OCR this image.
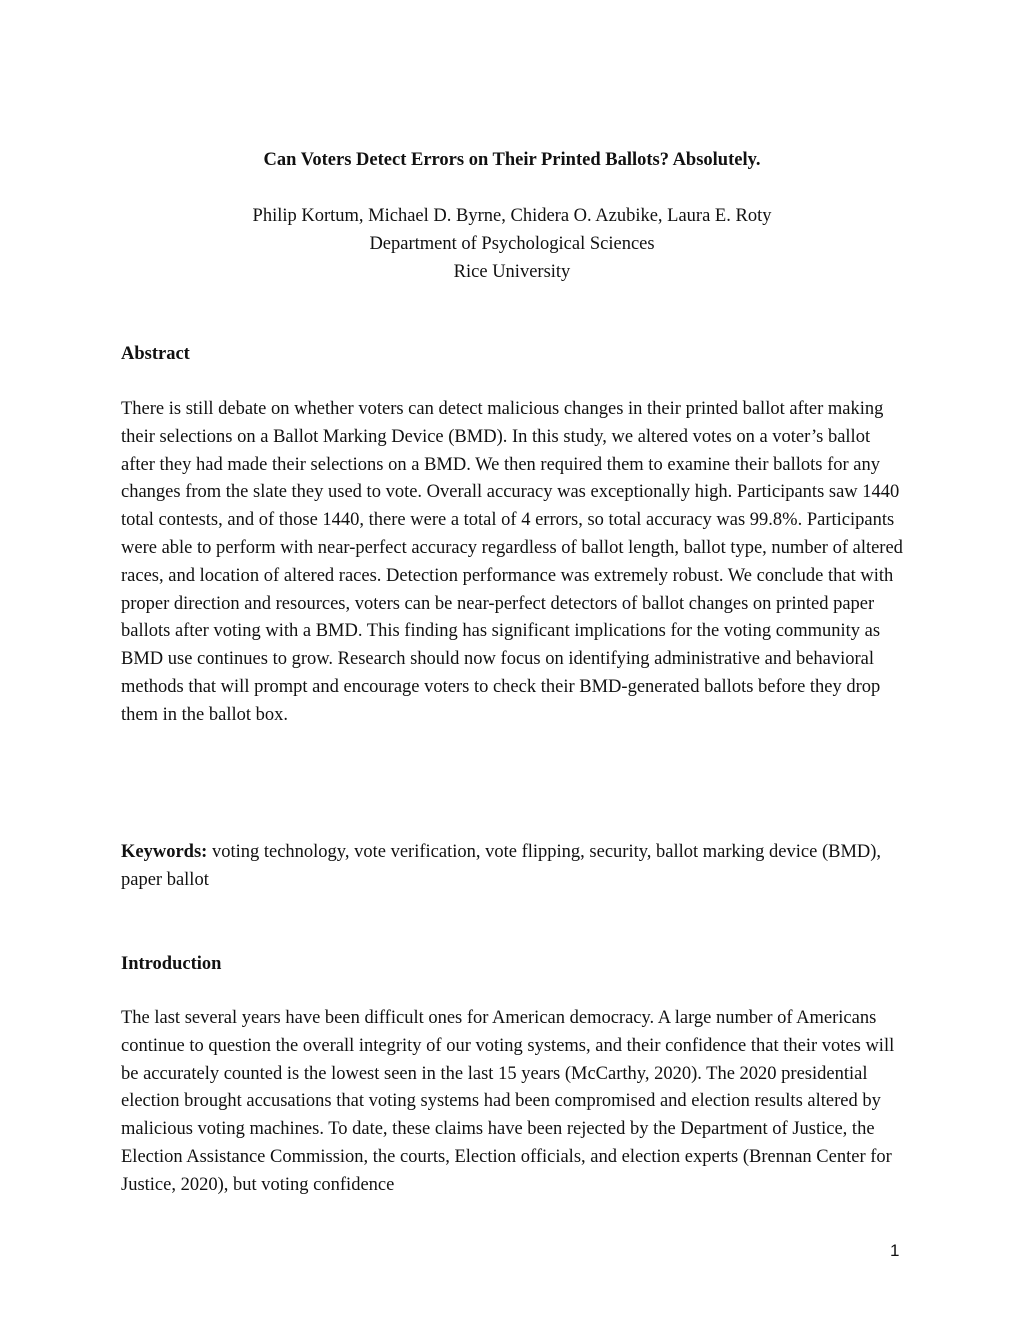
Can Voters Detect Errors on Their Printed Ballots? Absolutely.
Philip Kortum, Michael D. Byrne, Chidera O. Azubike, Laura E. Roty
Department of Psychological Sciences
Rice University
Abstract

There is still debate on whether voters can detect malicious changes in their printed ballot after making their selections on a Ballot Marking Device (BMD). In this study, we altered votes on a voter’s ballot after they had made their selections on a BMD. We then required them to examine their ballots for any changes from the slate they used to vote. Overall accuracy was exceptionally high. Participants saw 1440 total contests, and of those 1440, there were a total of 4 errors, so total accuracy was 99.8%. Participants were able to perform with near-perfect accuracy regardless of ballot length, ballot type, number of altered races, and location of altered races. Detection performance was extremely robust. We conclude that with proper direction and resources, voters can be near-perfect detectors of ballot changes on printed paper ballots after voting with a BMD. This finding has significant implications for the voting community as BMD use continues to grow. Research should now focus on identifying administrative and behavioral methods that will prompt and encourage voters to check their BMD-generated ballots before they drop them in the ballot box.

Keywords: voting technology, vote verification, vote flipping, security, ballot marking device (BMD), paper ballot

Introduction

The last several years have been difficult ones for American democracy. A large number of Americans continue to question the overall integrity of our voting systems, and their confidence that their votes will be accurately counted is the lowest seen in the last 15 years (McCarthy, 2020). The 2020 presidential election brought accusations that voting systems had been compromised and election results altered by malicious voting machines. To date, these claims have been rejected by the Department of Justice, the Election Assistance Commission, the courts, Election officials, and election experts (Brennan Center for Justice, 2020), but voting confidence

1
